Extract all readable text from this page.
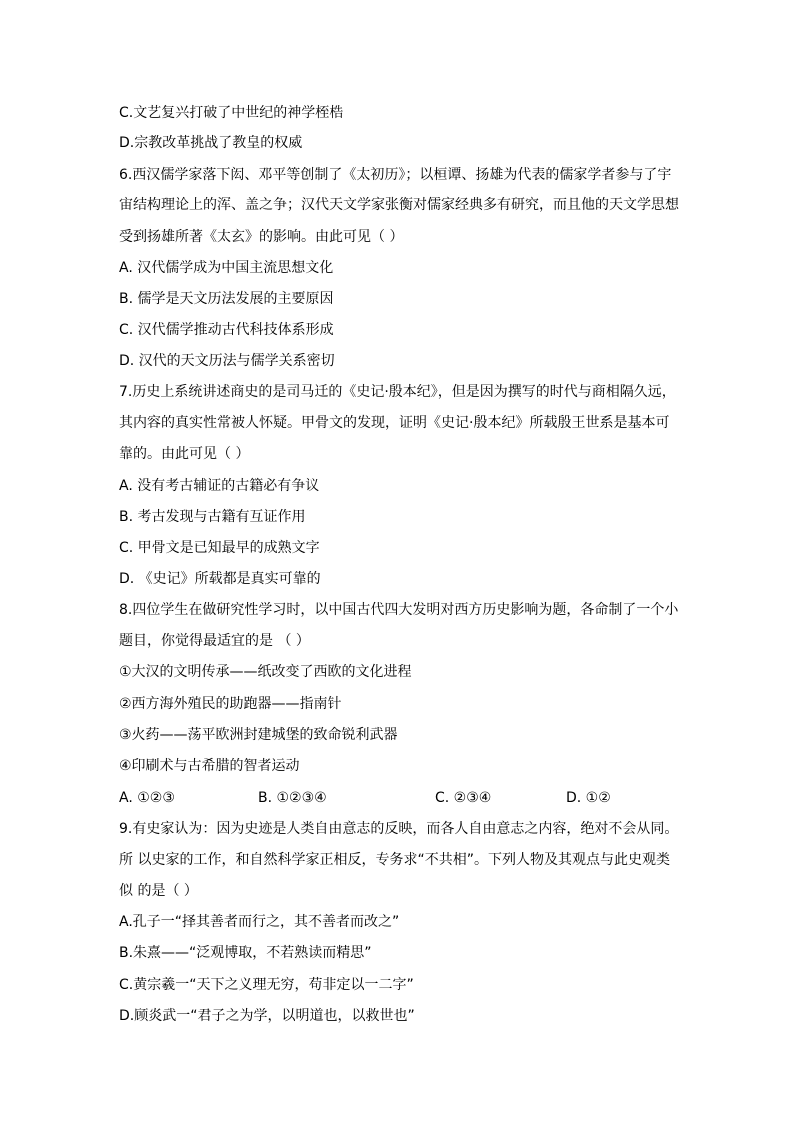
C.文艺复兴打破了中世纪的神学桎梏
D.宗教改革挑战了教皇的权威
6.西汉儒学家落下闳、邓平等创制了《太初历》；以桓谭、扬雄为代表的儒家学者参与了宇
宙结构理论上的浑、盖之争；汉代天文学家张衡对儒家经典多有研究，而且他的天文学思想
受到扬雄所著《太玄》的影响。由此可见（ ）
A. 汉代儒学成为中国主流思想文化
B. 儒学是天文历法发展的主要原因
C. 汉代儒学推动古代科技体系形成
D. 汉代的天文历法与儒学关系密切
7.历史上系统讲述商史的是司马迁的《史记·殷本纪》，但是因为撰写的时代与商相隔久远，
其内容的真实性常被人怀疑。甲骨文的发现，证明《史记·殷本纪》所载殷王世系是基本可
靠的。由此可见（ ）
A. 没有考古辅证的古籍必有争议
B. 考古发现与古籍有互证作用
C. 甲骨文是已知最早的成熟文字
D. 《史记》所载都是真实可靠的
8.四位学生在做研究性学习时，以中国古代四大发明对西方历史影响为题，各命制了一个小
题目，你觉得最适宜的是 （ ）
①大汉的文明传承——纸改变了西欧的文化进程
②西方海外殖民的助跑器——指南针
③火药——荡平欧洲封建城堡的致命锐利武器
④印刷术与古希腊的智者运动
A. ①②③	B. ①②③④	C. ②③④	D. ①②
9.有史家认为：因为史迹是人类自由意志的反映，而各人自由意志之内容，绝对不会从同。
所 以史家的工作，和自然科学家正相反，专务求“不共相”。下列人物及其观点与此史观类
似 的是（ ）
A.孔子一“择其善者而行之，其不善者而改之”
B.朱熹——“泛观博取，不若熟读而精思”
C.黄宗羲一“天下之义理无穷，苟非定以一二字”
D.顾炎武一“君子之为学，以明道也，以救世也”
